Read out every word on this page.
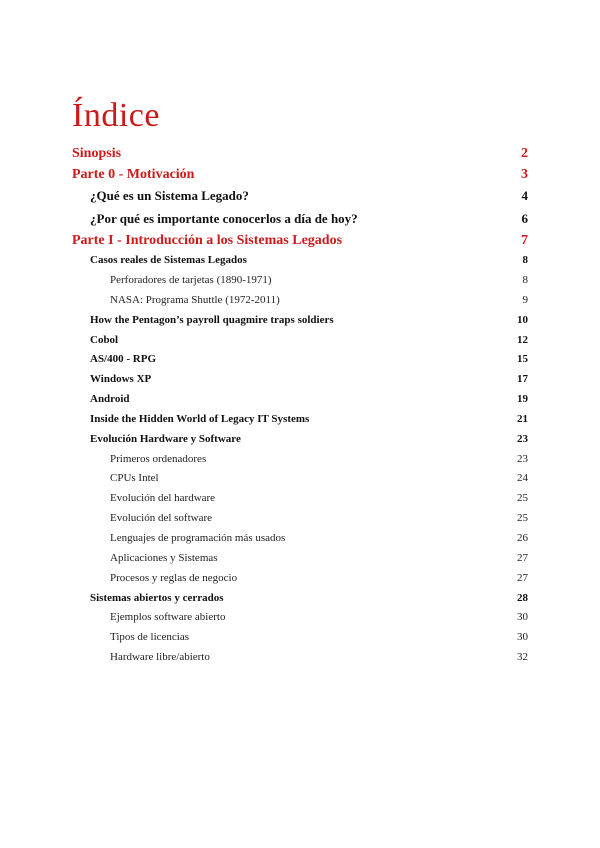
Índice
Sinopsis	2
Parte 0 - Motivación	3
¿Qué es un Sistema Legado?	4
¿Por qué es importante conocerlos a día de hoy?	6
Parte I - Introducción a los Sistemas Legados	7
Casos reales de Sistemas Legados	8
Perforadores de tarjetas (1890-1971)	8
NASA: Programa Shuttle (1972-2011)	9
How the Pentagon’s payroll quagmire traps soldiers	10
Cobol	12
AS/400 - RPG	15
Windows XP	17
Android	19
Inside the Hidden World of Legacy IT Systems	21
Evolución Hardware y Software	23
Primeros ordenadores	23
CPUs Intel	24
Evolución del hardware	25
Evolución del software	25
Lenguajes de programación más usados	26
Aplicaciones y Sistemas	27
Procesos y reglas de negocio	27
Sistemas abiertos y cerrados	28
Ejemplos software abierto	30
Tipos de licencias	30
Hardware libre/abierto	32
